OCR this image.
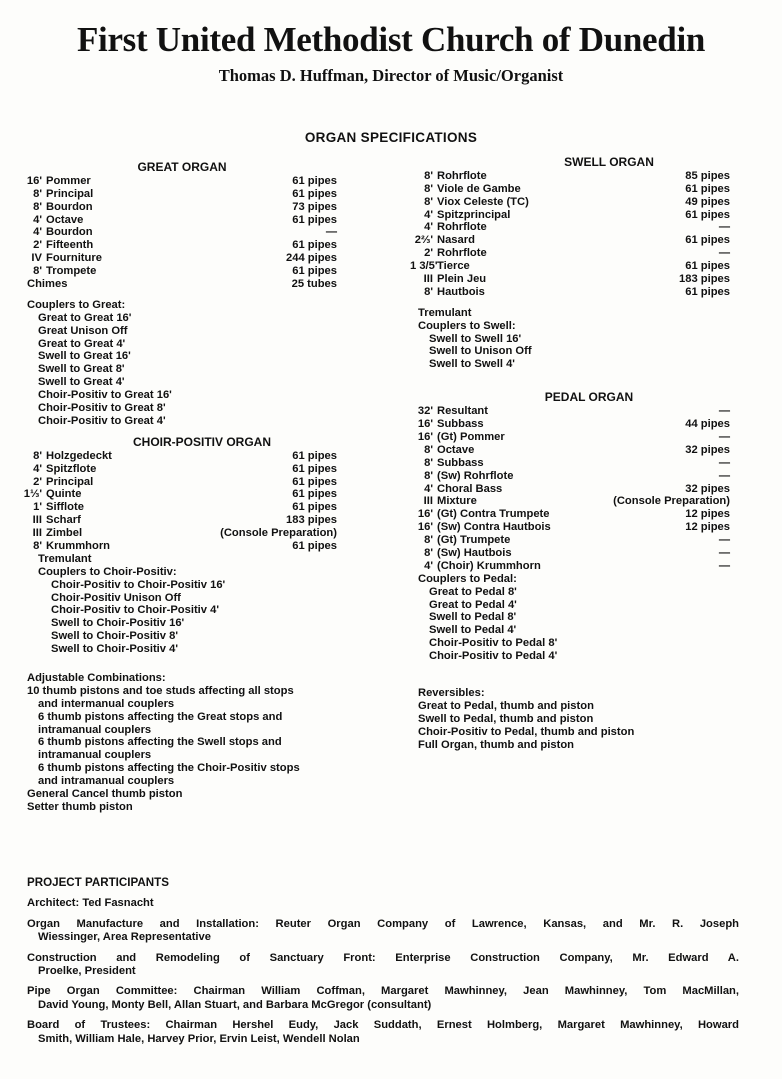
First United Methodist Church of Dunedin
Thomas D. Huffman, Director of Music/Organist
ORGAN SPECIFICATIONS
GREAT ORGAN
16' Pommer	61 pipes
8' Principal	61 pipes
8' Bourdon	73 pipes
4' Octave	61 pipes
4' Bourdon	—
2' Fifteenth	61 pipes
IV Fourniture	244 pipes
8' Trompete	61 pipes
Chimes	25 tubes
Couplers to Great:
Great to Great 16'
Great Unison Off
Great to Great 4'
Swell to Great 16'
Swell to Great 8'
Swell to Great 4'
Choir-Positiv to Great 16'
Choir-Positiv to Great 8'
Choir-Positiv to Great 4'
CHOIR-POSITIV ORGAN
8' Holzgedeckt	61 pipes
4' Spitzflote	61 pipes
2' Principal	61 pipes
1⅓' Quinte	61 pipes
1' Sifflote	61 pipes
III Scharf	183 pipes
III Zimbel	(Console Preparation)
8' Krummhorn	61 pipes
Tremulant
Couplers to Choir-Positiv:
Choir-Positiv to Choir-Positiv 16'
Choir-Positiv Unison Off
Choir-Positiv to Choir-Positiv 4'
Swell to Choir-Positiv 16'
Swell to Choir-Positiv 8'
Swell to Choir-Positiv 4'
Adjustable Combinations:
10 thumb pistons and toe studs affecting all stops
and intermanual couplers
6 thumb pistons affecting the Great stops and
intramanual couplers
6 thumb pistons affecting the Swell stops and
intramanual couplers
6 thumb pistons affecting the Choir-Positiv stops
and intramanual couplers
General Cancel thumb piston
Setter thumb piston
SWELL ORGAN
8' Rohrflote	85 pipes
8' Viole de Gambe	61 pipes
8' Viox Celeste (TC)	49 pipes
4' Spitzprincipal	61 pipes
4' Rohrflote	—
2⅔' Nasard	61 pipes
2' Rohrflote	—
1 3/5' Tierce	61 pipes
III Plein Jeu	183 pipes
8' Hautbois	61 pipes
Tremulant
Couplers to Swell:
Swell to Swell 16'
Swell to Unison Off
Swell to Swell 4'
PEDAL ORGAN
32' Resultant	—
16' Subbass	44 pipes
16' (Gt) Pommer	—
8' Octave	32 pipes
8' Subbass	—
8' (Sw) Rohrflote	—
4' Choral Bass	32 pipes
III Mixture	(Console Preparation)
16' (Gt) Contra Trumpete	12 pipes
16' (Sw) Contra Hautbois	12 pipes
8' (Gt) Trumpete	—
8' (Sw) Hautbois	—
4' (Choir) Krummhorn	—
Couplers to Pedal:
Great to Pedal 8'
Great to Pedal 4'
Swell to Pedal 8'
Swell to Pedal 4'
Choir-Positiv to Pedal 8'
Choir-Positiv to Pedal 4'
Reversibles:
Great to Pedal, thumb and piston
Swell to Pedal, thumb and piston
Choir-Positiv to Pedal, thumb and piston
Full Organ, thumb and piston
PROJECT PARTICIPANTS
Architect: Ted Fasnacht
Organ Manufacture and Installation: Reuter Organ Company of Lawrence, Kansas, and Mr. R. Joseph
Wiessinger, Area Representative
Construction and Remodeling of Sanctuary Front: Enterprise Construction Company, Mr. Edward A.
Proelke, President
Pipe Organ Committee: Chairman William Coffman, Margaret Mawhinney, Jean Mawhinney, Tom MacMillan,
David Young, Monty Bell, Allan Stuart, and Barbara McGregor (consultant)
Board of Trustees: Chairman Hershel Eudy, Jack Suddath, Ernest Holmberg, Margaret Mawhinney, Howard
Smith, William Hale, Harvey Prior, Ervin Leist, Wendell Nolan
